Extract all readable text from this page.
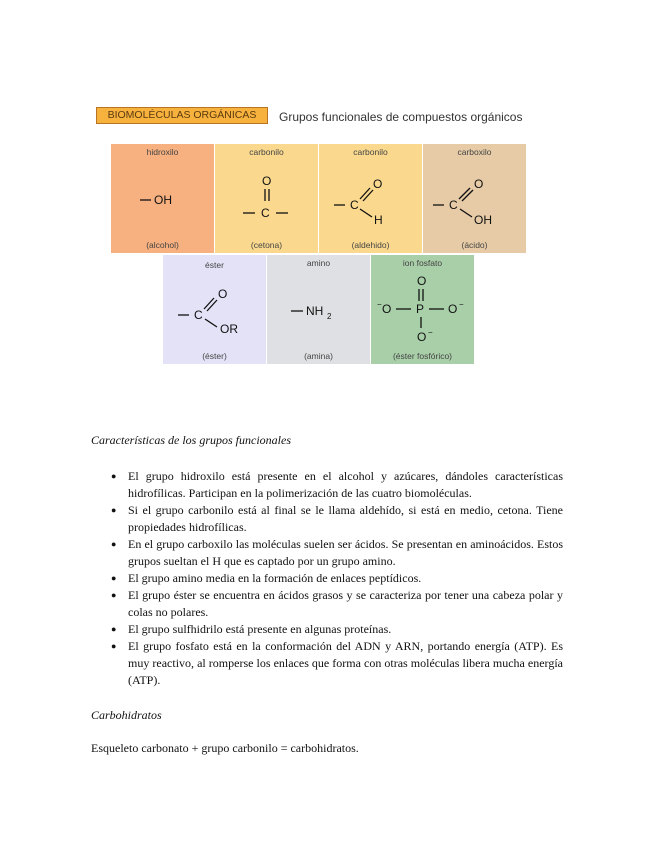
BIOMOLÉCULAS ORGÁNICAS	Grupos funcionales de compuestos orgánicos
hidroxilo
OH
(alcohol)
carbonilo
O
C
(cetona)
carbonilo
C
O
H
(aldehido)
carboxilo
C
O
OH
(ácido)
éster
C
O
OR
(éster)
amino
NH 2
(amina)
ion fosfato
O
− O P O −
O −
(éster fosfórico)

Características de los grupos funcionales

● El grupo hidroxilo está presente en el alcohol y azúcares, dándoles características hidrofílicas. Participan en la polimerización de las cuatro biomoléculas.
● Si el grupo carbonilo está al final se le llama aldehído, si está en medio, cetona. Tiene propiedades hidrofílicas.
● En el grupo carboxilo las moléculas suelen ser ácidos. Se presentan en aminoácidos. Estos grupos sueltan el H que es captado por un grupo amino.
● El grupo amino media en la formación de enlaces peptídicos.
● El grupo éster se encuentra en ácidos grasos y se caracteriza por tener una cabeza polar y colas no polares.
● El grupo sulfhidrilo está presente en algunas proteínas.
● El grupo fosfato está en la conformación del ADN y ARN, portando energía (ATP). Es muy reactivo, al romperse los enlaces que forma con otras moléculas libera mucha energía (ATP).
Carbohidratos
Esqueleto carbonato + grupo carbonilo = carbohidratos.
